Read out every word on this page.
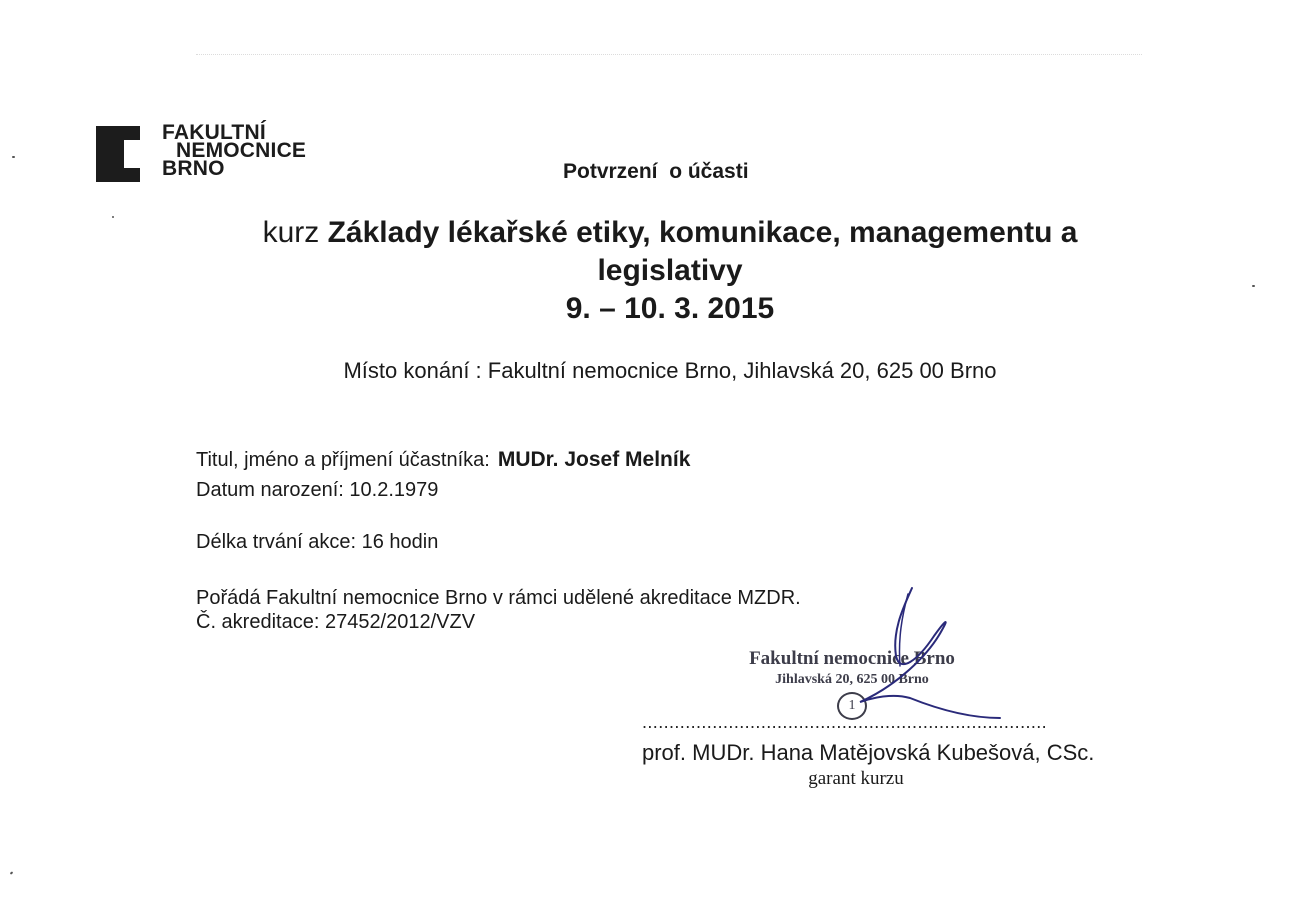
FAKULTNÍ
NEMOCNICE
BRNO	Potvrzení  o účasti
kurz Základy lékařské etiky, komunikace, managementu a legislativy
9. – 10. 3. 2015
Místo konání : Fakultní nemocnice Brno, Jihlavská 20, 625 00 Brno
Titul, jméno a příjmení účastníka: MUDr. Josef Melník
Datum narození: 10.2.1979
Délka trvání akce: 16 hodin
Pořádá Fakultní nemocnice Brno v rámci udělené akreditace MZDR.
Č. akreditace: 27452/2012/VZV
Fakultní nemocnice Brno
Jihlavská 20, 625 00 Brno
1
...........................................................................
prof. MUDr. Hana Matějovská Kubešová, CSc.
garant kurzu
